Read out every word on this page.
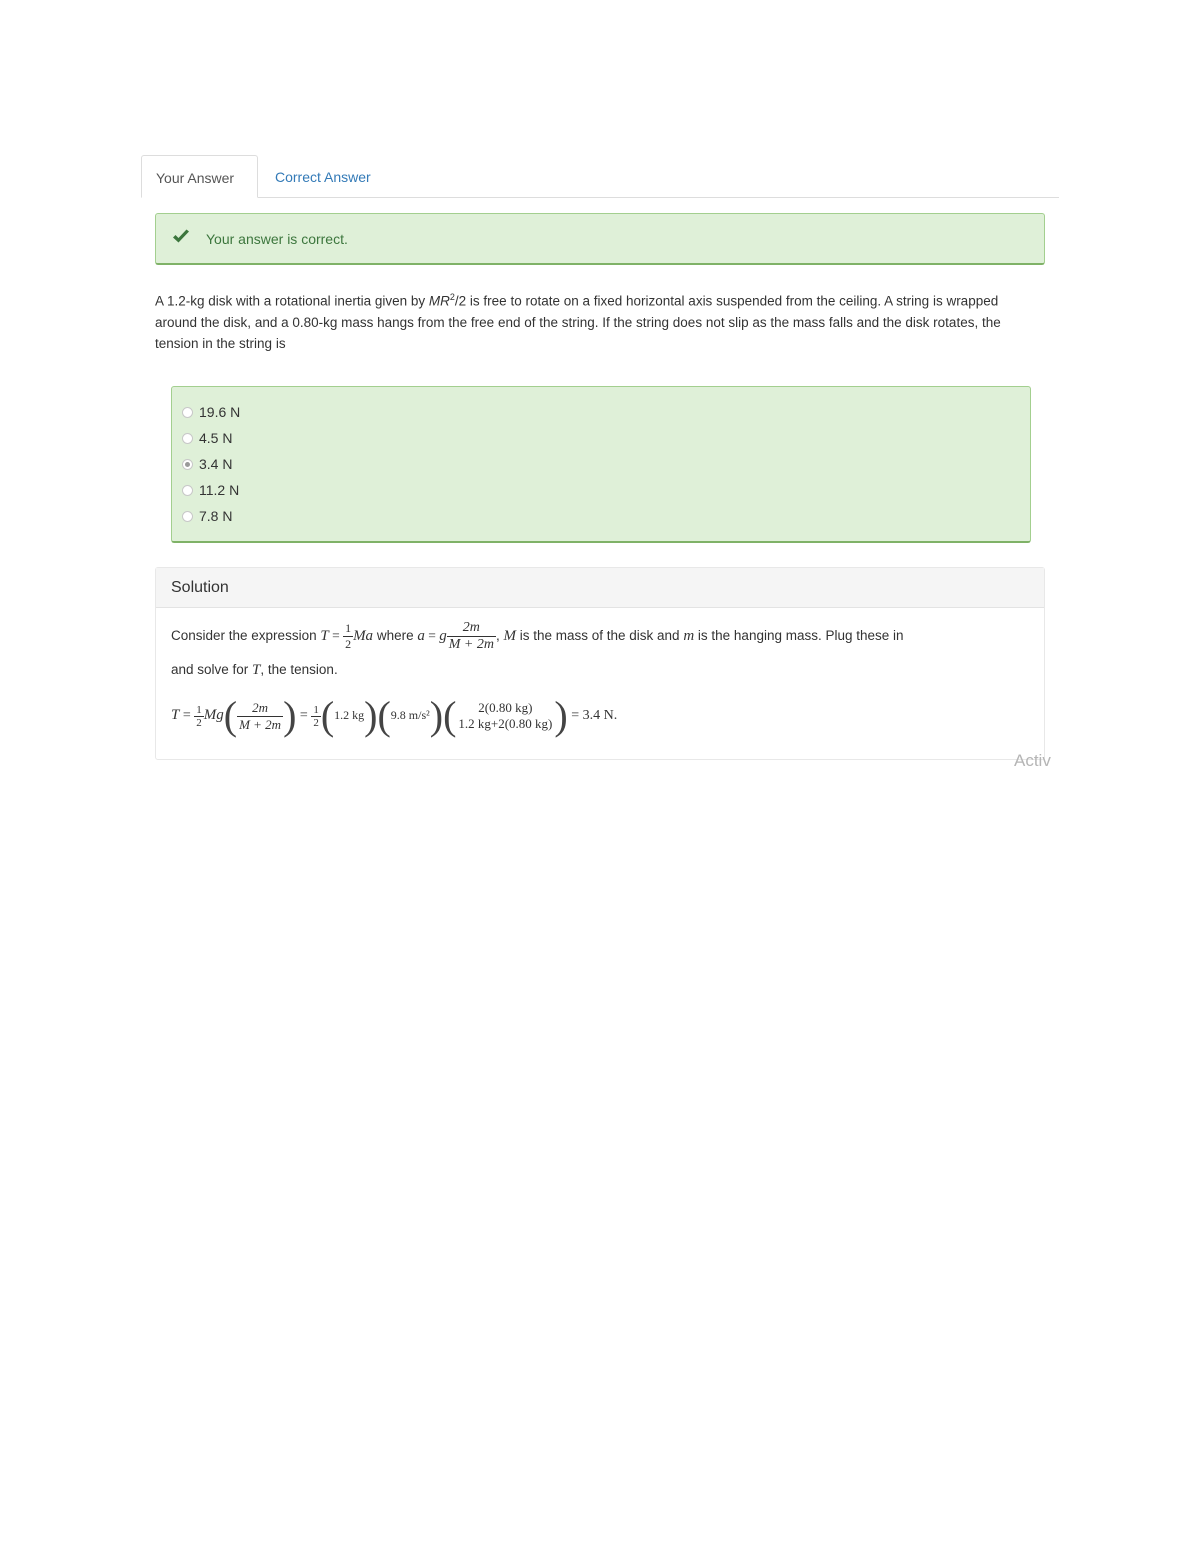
Your Answer	Correct Answer
Your answer is correct.
A 1.2-kg disk with a rotational inertia given by $MR^2/2$ is free to rotate on a fixed horizontal axis suspended from the ceiling. A string is wrapped around the disk, and a 0.80-kg mass hangs from the free end of the string. If the string does not slip as the mass falls and the disk rotates, the tension in the string is
19.6 N
4.5 N
3.4 N
11.2 N
7.8 N
Solution
Consider the expression $T = \frac{1}{2}$ Ma where a = g $\frac{2m}{M + 2m}$ , M is the mass of the disk and m is the hanging mass. Plug these in
and solve for T, the tension.
$T = \frac{1}{2} Mg( \frac{2m}{M + 2m}$ ) = $\frac{1}{2} (1.2$ kg)(9.8 m/s²)(	2(0.80 kg)
1.2 kg+2(0.80 kg) ) = 3.4 N.
Activ
